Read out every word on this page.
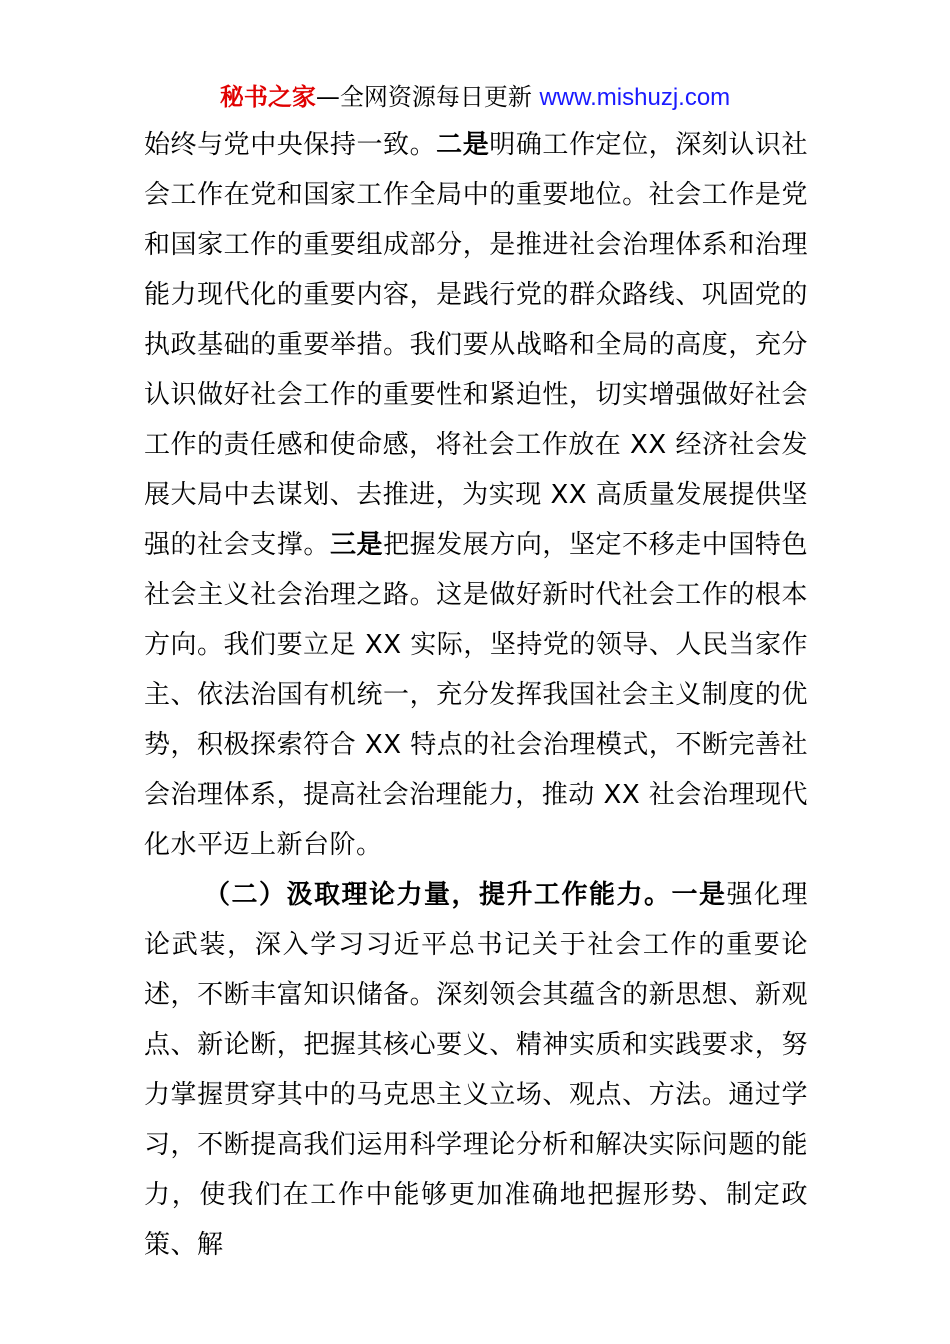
秘书之家—全网资源每日更新 www.mishuzj.com

始终与党中央保持一致。二是明确工作定位，深刻认识社会工作在党和国家工作全局中的重要地位。社会工作是党和国家工作的重要组成部分，是推进社会治理体系和治理能力现代化的重要内容，是践行党的群众路线、巩固党的执政基础的重要举措。我们要从战略和全局的高度，充分认识做好社会工作的重要性和紧迫性，切实增强做好社会工作的责任感和使命感，将社会工作放在 XX 经济社会发展大局中去谋划、去推进，为实现 XX 高质量发展提供坚强的社会支撑。三是把握发展方向，坚定不移走中国特色社会主义社会治理之路。这是做好新时代社会工作的根本方向。我们要立足 XX 实际，坚持党的领导、人民当家作主、依法治国有机统一，充分发挥我国社会主义制度的优势，积极探索符合 XX 特点的社会治理模式，不断完善社会治理体系，提高社会治理能力，推动 XX 社会治理现代化水平迈上新台阶。

（二）汲取理论力量，提升工作能力。一是强化理论武装，深入学习习近平总书记关于社会工作的重要论述，不断丰富知识储备。深刻领会其蕴含的新思想、新观点、新论断，把握其核心要义、精神实质和实践要求，努力掌握贯穿其中的马克思主义立场、观点、方法。通过学习，不断提高我们运用科学理论分析和解决实际问题的能力，使我们在工作中能够更加准确地把握形势、制定政策、解
